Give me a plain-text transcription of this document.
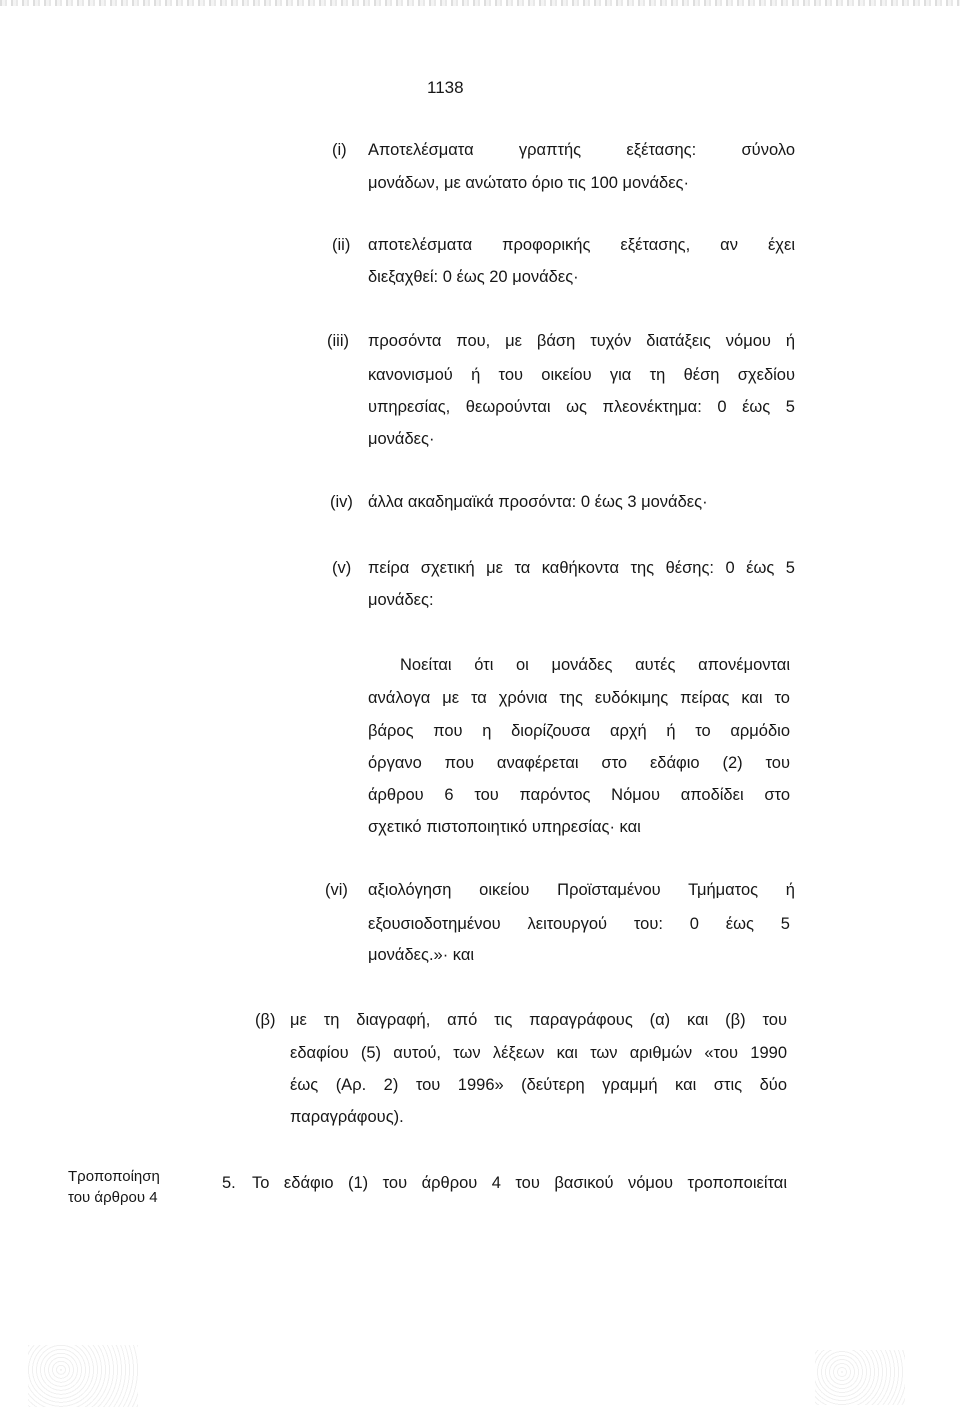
1138
(i) Αποτελέσματα γραπτής εξέτασης: σύνολο
μονάδων, με ανώτατο όριο τις 100 μονάδες·
(ii) αποτελέσματα προφορικής εξέτασης, αν έχει
διεξαχθεί: 0 έως 20 μονάδες·
(iii) προσόντα που, με βάση τυχόν διατάξεις νόμου ή
κανονισμού ή του οικείου για τη θέση σχεδίου
υπηρεσίας, θεωρούνται ως πλεονέκτημα: 0 έως 5
μονάδες·
(iv) άλλα ακαδημαϊκά προσόντα: 0 έως 3 μονάδες·
(v) πείρα σχετική με τα καθήκοντα της θέσης: 0 έως 5
μονάδες:
Νοείται ότι οι μονάδες αυτές απονέμονται
ανάλογα με τα χρόνια της ευδόκιμης πείρας και το
βάρος που η διορίζουσα αρχή ή το αρμόδιο
όργανο που αναφέρεται στο εδάφιο (2) του
άρθρου 6 του παρόντος Νόμου αποδίδει στο
σχετικό πιστοποιητικό υπηρεσίας· και
(vi) αξιολόγηση οικείου Προϊσταμένου Τμήματος ή
εξουσιοδοτημένου λειτουργού του: 0 έως 5
μονάδες.»· και
(β) με τη διαγραφή, από τις παραγράφους (α) και (β) του
εδαφίου (5) αυτού, των λέξεων και των αριθμών «του 1990
έως (Αρ. 2) του 1996» (δεύτερη γραμμή και στις δύο
παραγράφους).
Τροποποίηση
του άρθρου 4
5. Το εδάφιο (1) του άρθρου 4 του βασικού νόμου τροποποιείται
